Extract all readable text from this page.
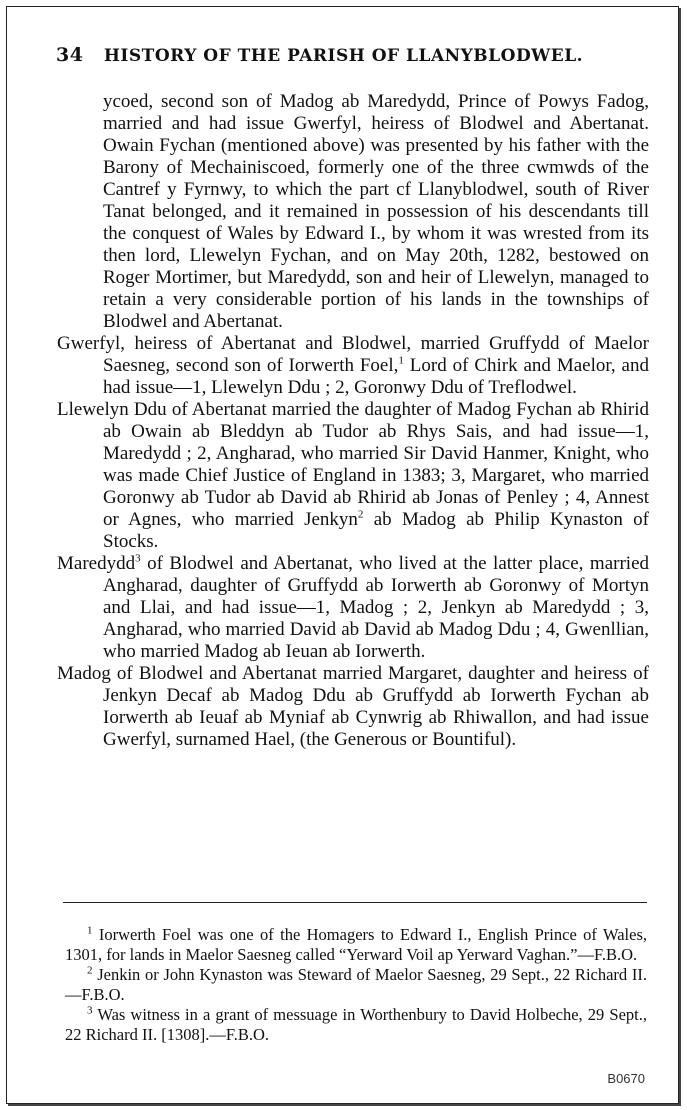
34 HISTORY OF THE PARISH OF LLANYBLODWEL.

ycoed, second son of Madog ab Maredydd, Prince of Powys Fadog, married and had issue Gwerfyl, heiress of Blodwel and Abertanat. Owain Fychan (mentioned above) was presented by his father with the Barony of Mechainiscoed, formerly one of the three cwmwds of the Cantref y Fyrnwy, to which the part cf Llanyblodwel, south of River Tanat belonged, and it remained in possession of his descendants till the conquest of Wales by Edward I., by whom it was wrested from its then lord, Llewelyn Fychan, and on May 20th, 1282, bestowed on Roger Mortimer, but Maredydd, son and heir of Llewelyn, managed to retain a very considerable portion of his lands in the townships of Blodwel and Abertanat.

Gwerfyl, heiress of Abertanat and Blodwel, married Gruffydd of Maelor Saesneg, second son of Iorwerth Foel,$^1$ Lord of Chirk and Maelor, and had issue—1, Llewelyn Ddu ; 2, Goronwy Ddu of Treflodwel.

Llewelyn Ddu of Abertanat married the daughter of Madog Fychan ab Rhirid ab Owain ab Bleddyn ab Tudor ab Rhys Sais, and had issue—1, Maredydd ; 2, Angharad, who married Sir David Hanmer, Knight, who was made Chief Justice of England in 1383; 3, Margaret, who married Goronwy ab Tudor ab David ab Rhirid ab Jonas of Penley ; 4, Annest or Agnes, who married Jenkyn$^2$ ab Madog ab Philip Kynaston of Stocks.

Maredydd$^3$ of Blodwel and Abertanat, who lived at the latter place, married Angharad, daughter of Gruffydd ab Iorwerth ab Goronwy of Mortyn and Llai, and had issue—1, Madog ; 2, Jenkyn ab Maredydd ; 3, Angharad, who married David ab David ab Madog Ddu ; 4, Gwenllian, who married Madog ab Ieuan ab Iorwerth.

Madog of Blodwel and Abertanat married Margaret, daughter and heiress of Jenkyn Decaf ab Madog Ddu ab Gruffydd ab Iorwerth Fychan ab Iorwerth ab Ieuaf ab Myniaf ab Cynwrig ab Rhiwallon, and had issue Gwerfyl, surnamed Hael, (the Generous or Bountiful).

$^1$ Iorwerth Foel was one of the Homagers to Edward I., English Prince of Wales, 1301, for lands in Maelor Saesneg called “Yerward Voil ap Yerward Vaghan.”—F.B.O.

$^2$ Jenkin or John Kynaston was Steward of Maelor Saesneg, 29 Sept., 22 Richard II.—F.B.O.

$^3$ Was witness in a grant of messuage in Worthenbury to David Holbeche, 29 Sept., 22 Richard II. [1308].—F.B.O.

B0670
